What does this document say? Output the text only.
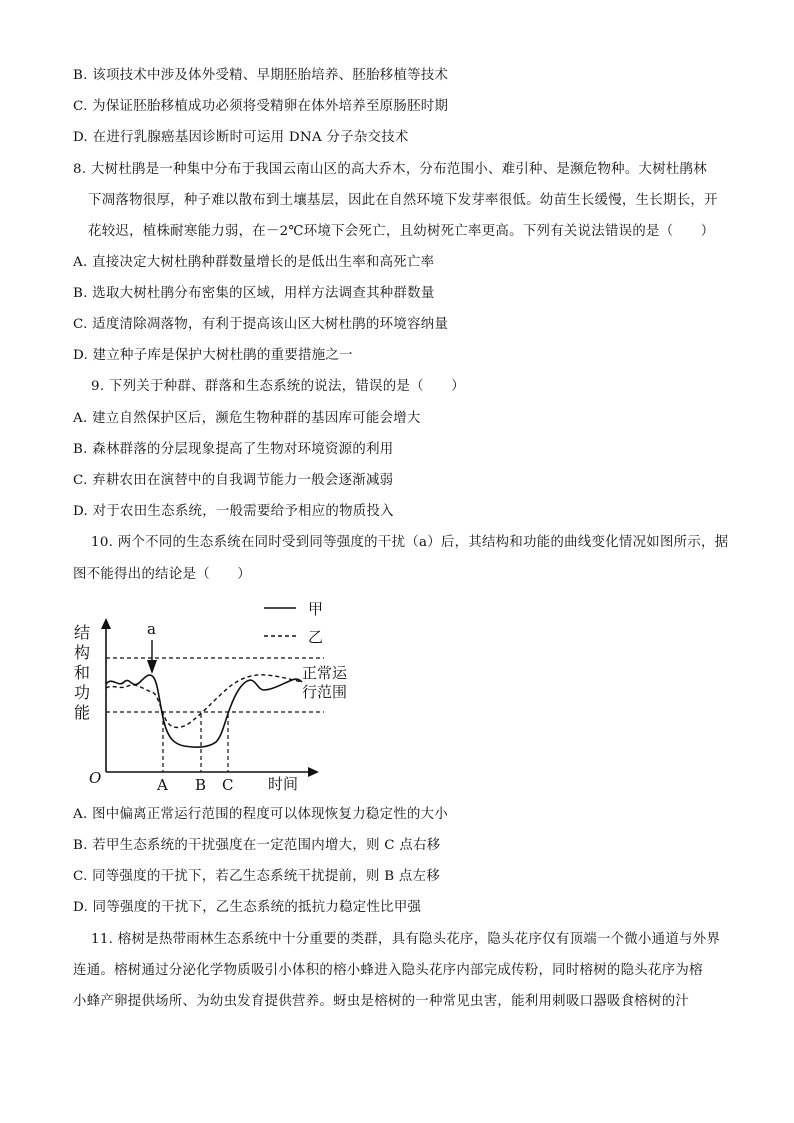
B. 该项技术中涉及体外受精、早期胚胎培养、胚胎移植等技术
C. 为保证胚胎移植成功必须将受精卵在体外培养至原肠胚时期
D. 在进行乳腺癌基因诊断时可运用 DNA 分子杂交技术
8. 大树杜鹃是一种集中分布于我国云南山区的高大乔木，分布范围小、难引种、是濒危物种。大树杜鹃林
下凋落物很厚，种子难以散布到土壤基层，因此在自然环境下发芽率很低。幼苗生长缓慢，生长期长，开
花较迟，植株耐寒能力弱，在－2℃环境下会死亡，且幼树死亡率更高。下列有关说法错误的是（　　）
A. 直接决定大树杜鹃种群数量增长的是低出生率和高死亡率
B. 选取大树杜鹃分布密集的区域，用样方法调查其种群数量
C. 适度清除凋落物，有利于提高该山区大树杜鹃的环境容纳量
D. 建立种子库是保护大树杜鹃的重要措施之一
9. 下列关于种群、群落和生态系统的说法，错误的是（　　）
A. 建立自然保护区后，濒危生物种群的基因库可能会增大
B. 森林群落的分层现象提高了生物对环境资源的利用
C. 弃耕农田在演替中的自我调节能力一般会逐渐减弱
D. 对于农田生态系统，一般需要给予相应的物质投入
10. 两个不同的生态系统在同时受到同等强度的干扰（a）后，其结构和功能的曲线变化情况如图所示，据
图不能得出的结论是（　　）
甲
乙
结
构
和
功
能
O	时间
正常运
行范围
a
A B C
A. 图中偏离正常运行范围的程度可以体现恢复力稳定性的大小
B. 若甲生态系统的干扰强度在一定范围内增大，则 C 点右移
C. 同等强度的干扰下，若乙生态系统干扰提前，则 B 点左移
D. 同等强度的干扰下，乙生态系统的抵抗力稳定性比甲强
11. 榕树是热带雨林生态系统中十分重要的类群，具有隐头花序，隐头花序仅有顶端一个微小通道与外界
连通。榕树通过分泌化学物质吸引小体积的榕小蜂进入隐头花序内部完成传粉，同时榕树的隐头花序为榕
小蜂产卵提供场所、为幼虫发育提供营养。蚜虫是榕树的一种常见虫害，能利用刺吸口器吸食榕树的汁
